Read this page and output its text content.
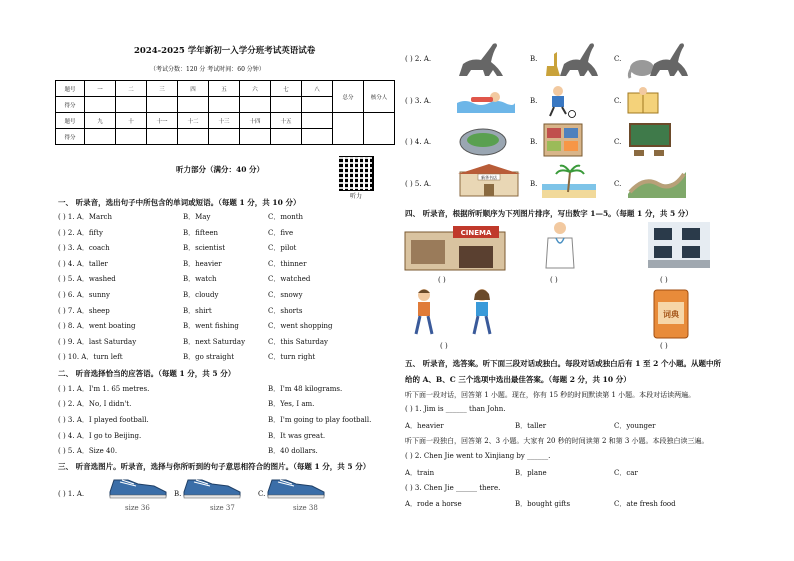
2024-2025 学年新初一入学分班考试英语试卷
（考试分数：120 分 考试时间：60 分钟）
题号	一	二	三	四	五	六	七	八	总分	核分人
得分										
题号	九	十	十一	十二	十三	十四	十五			
得分										
听力部分（满分：40 分）
听力
一、 听录音，选出句子中所包含的单词或短语。（每题 1 分，共 10 分）
( ) 1. A．March	B．May	C．month
( ) 2. A．fifty	B．fifteen	C．five
( ) 3. A．coach	B．scientist	C．pilot
( ) 4. A．taller	B．heavier	C．thinner
( ) 5. A．washed	B．watch	C．watched
( ) 6. A．sunny	B．cloudy	C．snowy
( ) 7. A．sheep	B．shirt	C．shorts
( ) 8. A．went boating	B．went fishing	C．went shopping
( ) 9. A．last Saturday	B．next Saturday	C．this Saturday
( ) 10. A．turn left	B．go straight	C．turn right
二、 听音选择恰当的应答语。（每题 1 分，共 5 分）
( ) 1. A．I'm 1. 65 metres.	B．I'm 48 kilograms.
( ) 2. A．No, I didn't.	B．Yes, I am.
( ) 3. A．I played football.	B．I'm going to play football.
( ) 4. A．I go to Beijing.	B．It was great.
( ) 5. A．Size 40.	B．40 dollars.
三、 听音选图片。听录音，选择与你所听到的句子意思相符合的图片。（每题 1 分，共 5 分）
( ) 1. A.	B.	C.
size 36	size 37	size 38
( ) 2. A.	B.	C.
( ) 3. A.	B.	C.
( ) 4. A.	B.	C.
( ) 5. A.
新华书店
B.	C.
四、 听录音，根据所听顺序为下列图片排序，写出数字 1—5。（每题 1 分，共 5 分）
CINEMA
( )	( )	( )
( )
词典
( )
五、 听录音，选答案。听下面三段对话或独白。每段对话或独白后有 1 至 2 个小题。从题中所
给的 A、B、C 三个选项中选出最佳答案。（每题 2 分，共 10 分）
听下面一段对话，回答第 1 小题。现在，你有 15 秒的时间默读第 1 小题。本段对话读两遍。
( ) 1. Jim is ______ than John.
A．heavier	B．taller	C．younger
听下面一段独白，回答第 2、3 小题。大家有 20 秒的时间读第 2 和第 3 小题。本段独白读三遍。
( ) 2. Chen Jie went to Xinjiang by ______.
A．train	B．plane	C．car
( ) 3. Chen Jie ______ there.
A．rode a horse	B．bought gifts	C．ate fresh food
